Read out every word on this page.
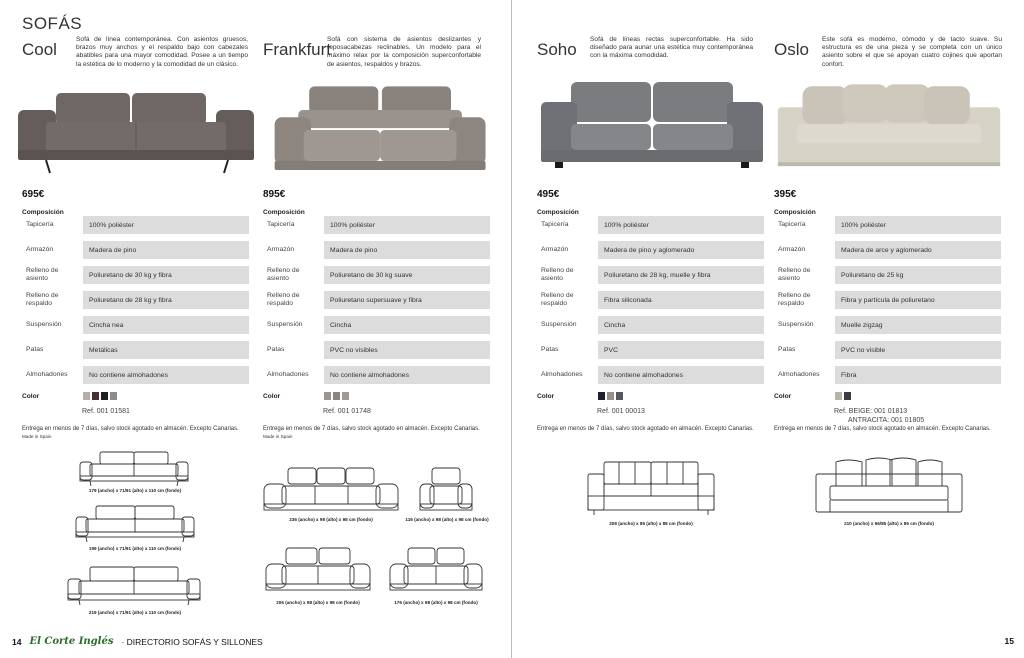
SOFÁS
Cool
Sofá de línea contemporánea. Con asientos gruesos, brazos muy anchos y el respaldo bajo con cabezales abatibles para una mayor comodidad. Posee a un tiempo la estética de lo moderno y la comodidad de un clásico.
695€
Composición
Tapicería	100% poliéster
Armazón	Madera de pino
Relleno de asiento	Poliuretano de 30 kg y fibra
Relleno de respaldo	Poliuretano de 28 kg y fibra
Suspensión	Cincha nea
Patas	Metálicas
Almohadones	No contiene almohadones
Color
Ref. 001 01581
Entrega en menos de 7 días, salvo stock agotado en almacén. Excepto Canarias.
Made in Spain
179 (ancho) x 71/91 (alto) x 110 cm (fondo)
199 (ancho) x 71/91 (alto) x 110 cm (fondo)
219 (ancho) x 71/91 (alto) x 110 cm (fondo)
Frankfurt
Sofá con sistema de asientos deslizantes y reposacabezas reclinables. Un modelo para el máximo relax por la composición superconfortable de asientos, respaldos y brazos.
895€
Composición
Tapicería	100% poliéster
Armazón	Madera de pino
Relleno de asiento	Poliuretano de 30 kg suave
Relleno de respaldo	Poliuretano supersuave y fibra
Suspensión	Cincha
Patas	PVC no visibles
Almohadones	No contiene almohadones
Color
Ref. 001 01748
Entrega en menos de 7 días, salvo stock agotado en almacén. Excepto Canarias.
Made in Spain
236 (ancho) x 98 (alto) x 98 cm (fondo)	116 (ancho) x 98 (alto) x 98 cm (fondo)
206 (ancho) x 98 (alto) x 98 cm (fondo)	176 (ancho) x 98 (alto) x 98 cm (fondo)
Soho
Sofá de líneas rectas superconfortable. Ha sido diseñado para aunar una estética muy contemporánea con la máxima comodidad.
495€
Composición
Tapicería	100% poliéster
Armazón	Madera de pino y aglomerado
Relleno de asiento	Poliuretano de 28 kg, muelle y fibra
Relleno de respaldo	Fibra siliconada
Suspensión	Cincha
Patas	PVC
Almohadones	No contiene almohadones
Color
Ref. 001 00013
Entrega en menos de 7 días, salvo stock agotado en almacén. Excepto Canarias.
208 (ancho) x 85 (alto) x 88 cm (fondo)
Oslo
Este sofá es moderno, cómodo y de tacto suave. Su estructura es de una pieza y se completa con un único asiento sobre el que se apoyan cuatro cojines que aportan confort.
395€
Composición
Tapicería	100% poliéster
Armazón	Madera de arce y aglomerado
Relleno de asiento	Poliuretano de 25 kg
Relleno de respaldo	Fibra y partícula de poliuretano
Suspensión	Muelle zigzag
Patas	PVC no visible
Almohadones	Fibra
Color
Ref. BEIGE: 001 01813
ANTRACITA: 001 01805
Entrega en menos de 7 días, salvo stock agotado en almacén. Excepto Canarias.
210 (ancho) x 66/85 (alto) x 86 cm (fondo)
14 El Corte Inglés · DIRECTORIO SOFÁS Y SILLONES	15
